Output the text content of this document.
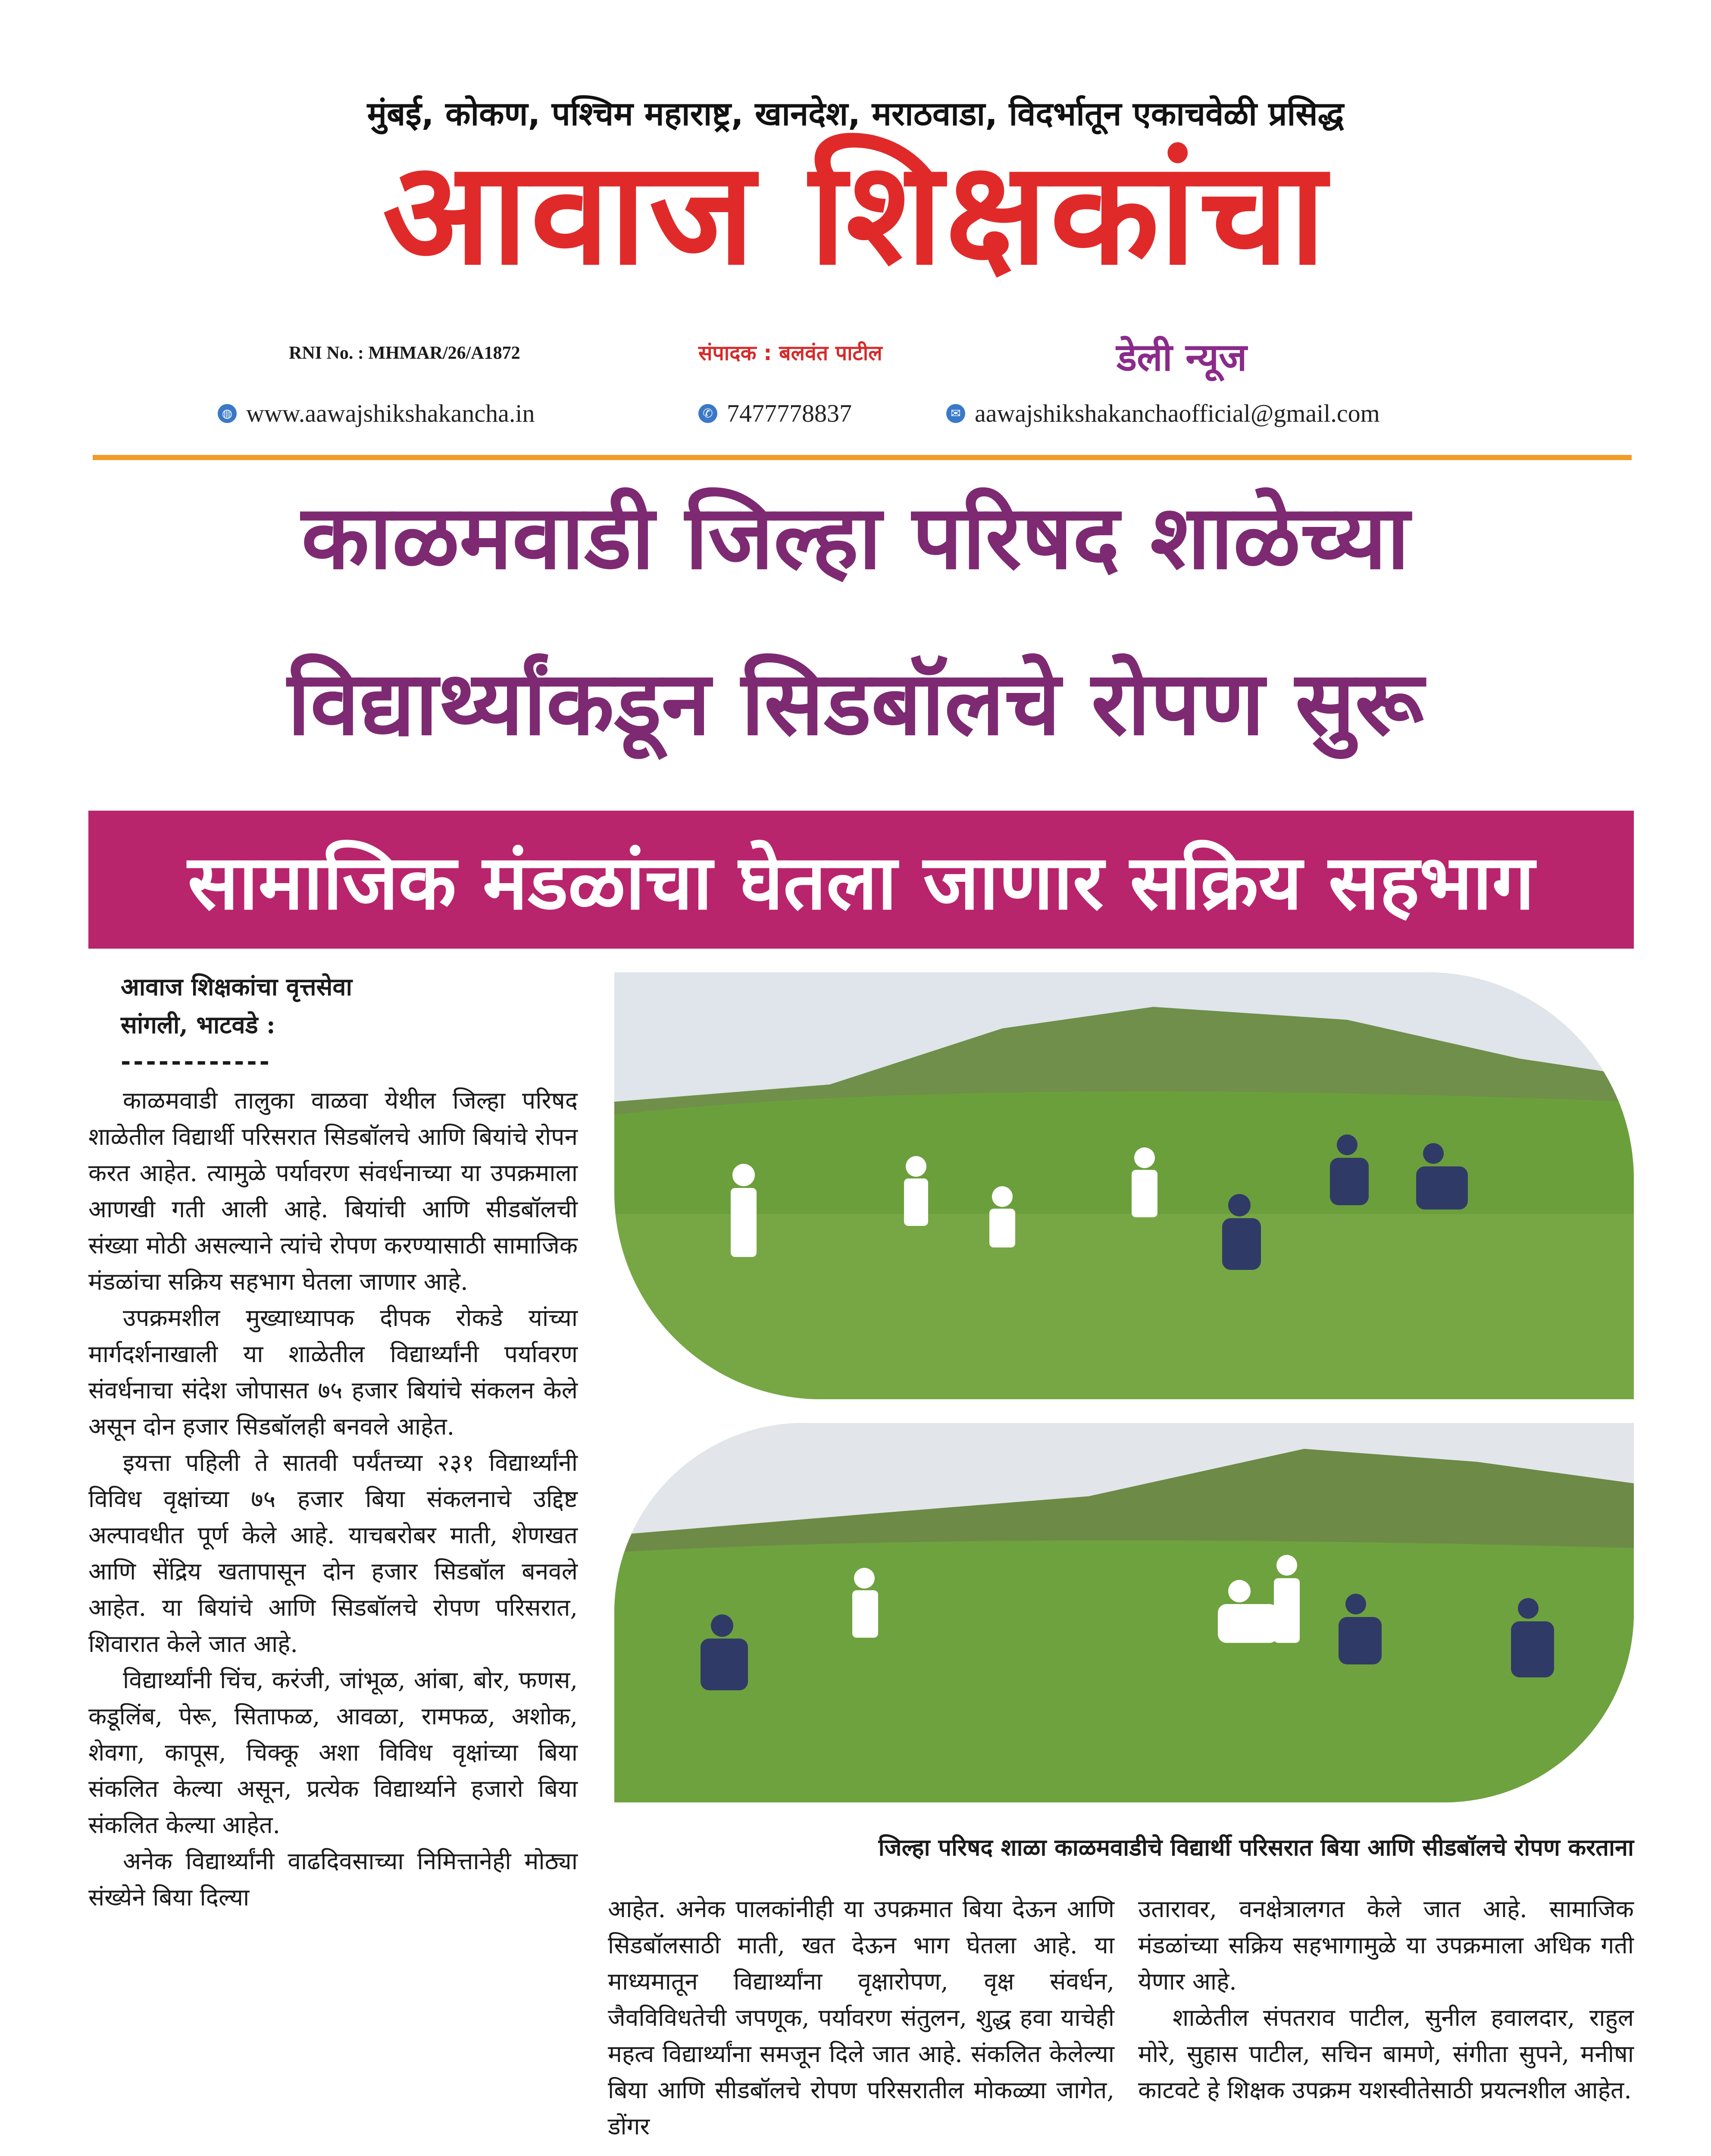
मुंबई, कोकण, पश्चिम महाराष्ट्र, खानदेश, मराठवाडा, विदर्भातून एकाचवेळी प्रसिद्ध
आवाज शिक्षकांचा
RNI No. : MHMAR/26/A1872	संपादक : बलवंत पाटील	डेली न्यूज
◍ www.aawajshikshakancha.in	✆ 7477778837	✉ aawajshikshakanchaofficial@gmail.com
काळमवाडी जिल्हा परिषद शाळेच्या
विद्यार्थ्यांकडून सिडबॉलचे रोपण सुरू
सामाजिक मंडळांचा घेतला जाणार सक्रिय सहभाग
आवाज शिक्षकांचा वृत्तसेवा
सांगली, भाटवडे :
------------

काळमवाडी तालुका वाळवा येथील जिल्हा परिषद शाळेतील विद्यार्थी परिसरात सिडबॉलचे आणि बियांचे रोपन करत आहेत. त्यामुळे पर्यावरण संवर्धनाच्या या उपक्रमाला आणखी गती आली आहे. बियांची आणि सीडबॉलची संख्या मोठी असल्याने त्यांचे रोपण करण्यासाठी सामाजिक मंडळांचा सक्रिय सहभाग घेतला जाणार आहे.

उपक्रमशील मुख्याध्यापक दीपक रोकडे यांच्या मार्गदर्शनाखाली या शाळेतील विद्यार्थ्यांनी पर्यावरण संवर्धनाचा संदेश जोपासत ७५ हजार बियांचे संकलन केले असून दोन हजार सिडबॉलही बनवले आहेत.

इयत्ता पहिली ते सातवी पर्यंतच्या २३१ विद्यार्थ्यांनी विविध वृक्षांच्या ७५ हजार बिया संकलनाचे उद्दिष्ट अल्पावधीत पूर्ण केले आहे. याचबरोबर माती, शेणखत आणि सेंद्रिय खतापासून दोन हजार सिडबॉल बनवले आहेत. या बियांचे आणि सिडबॉलचे रोपण परिसरात, शिवारात केले जात आहे.

विद्यार्थ्यांनी चिंच, करंजी, जांभूळ, आंबा, बोर, फणस, कडूलिंब, पेरू, सिताफळ, आवळा, रामफळ, अशोक, शेवगा, कापूस, चिक्कू अशा विविध वृक्षांच्या बिया संकलित केल्या असून, प्रत्येक विद्यार्थ्याने हजारो बिया संकलित केल्या आहेत.

अनेक विद्यार्थ्यांनी वाढदिवसाच्या निमित्तानेही मोठ्या संख्येने बिया दिल्या

जिल्हा परिषद शाळा काळमवाडीचे विद्यार्थी परिसरात बिया आणि सीडबॉलचे रोपण करताना

आहेत. अनेक पालकांनीही या उपक्रमात बिया देऊन आणि सिडबॉलसाठी माती, खत देऊन भाग घेतला आहे. या माध्यमातून विद्यार्थ्यांना वृक्षारोपण, वृक्ष संवर्धन, जैवविविधतेची जपणूक, पर्यावरण संतुलन, शुद्ध हवा याचेही महत्व विद्यार्थ्यांना समजून दिले जात आहे. संकलित केलेल्या बिया आणि सीडबॉलचे रोपण परिसरातील मोकळ्या जागेत, डोंगर

उतारावर, वनक्षेत्रालगत केले जात आहे. सामाजिक मंडळांच्या सक्रिय सहभागामुळे या उपक्रमाला अधिक गती येणार आहे.

शाळेतील संपतराव पाटील, सुनील हवालदार, राहुल मोरे, सुहास पाटील, सचिन बामणे, संगीता सुपने, मनीषा काटवटे हे शिक्षक उपक्रम यशस्वीतेसाठी प्रयत्नशील आहेत.
